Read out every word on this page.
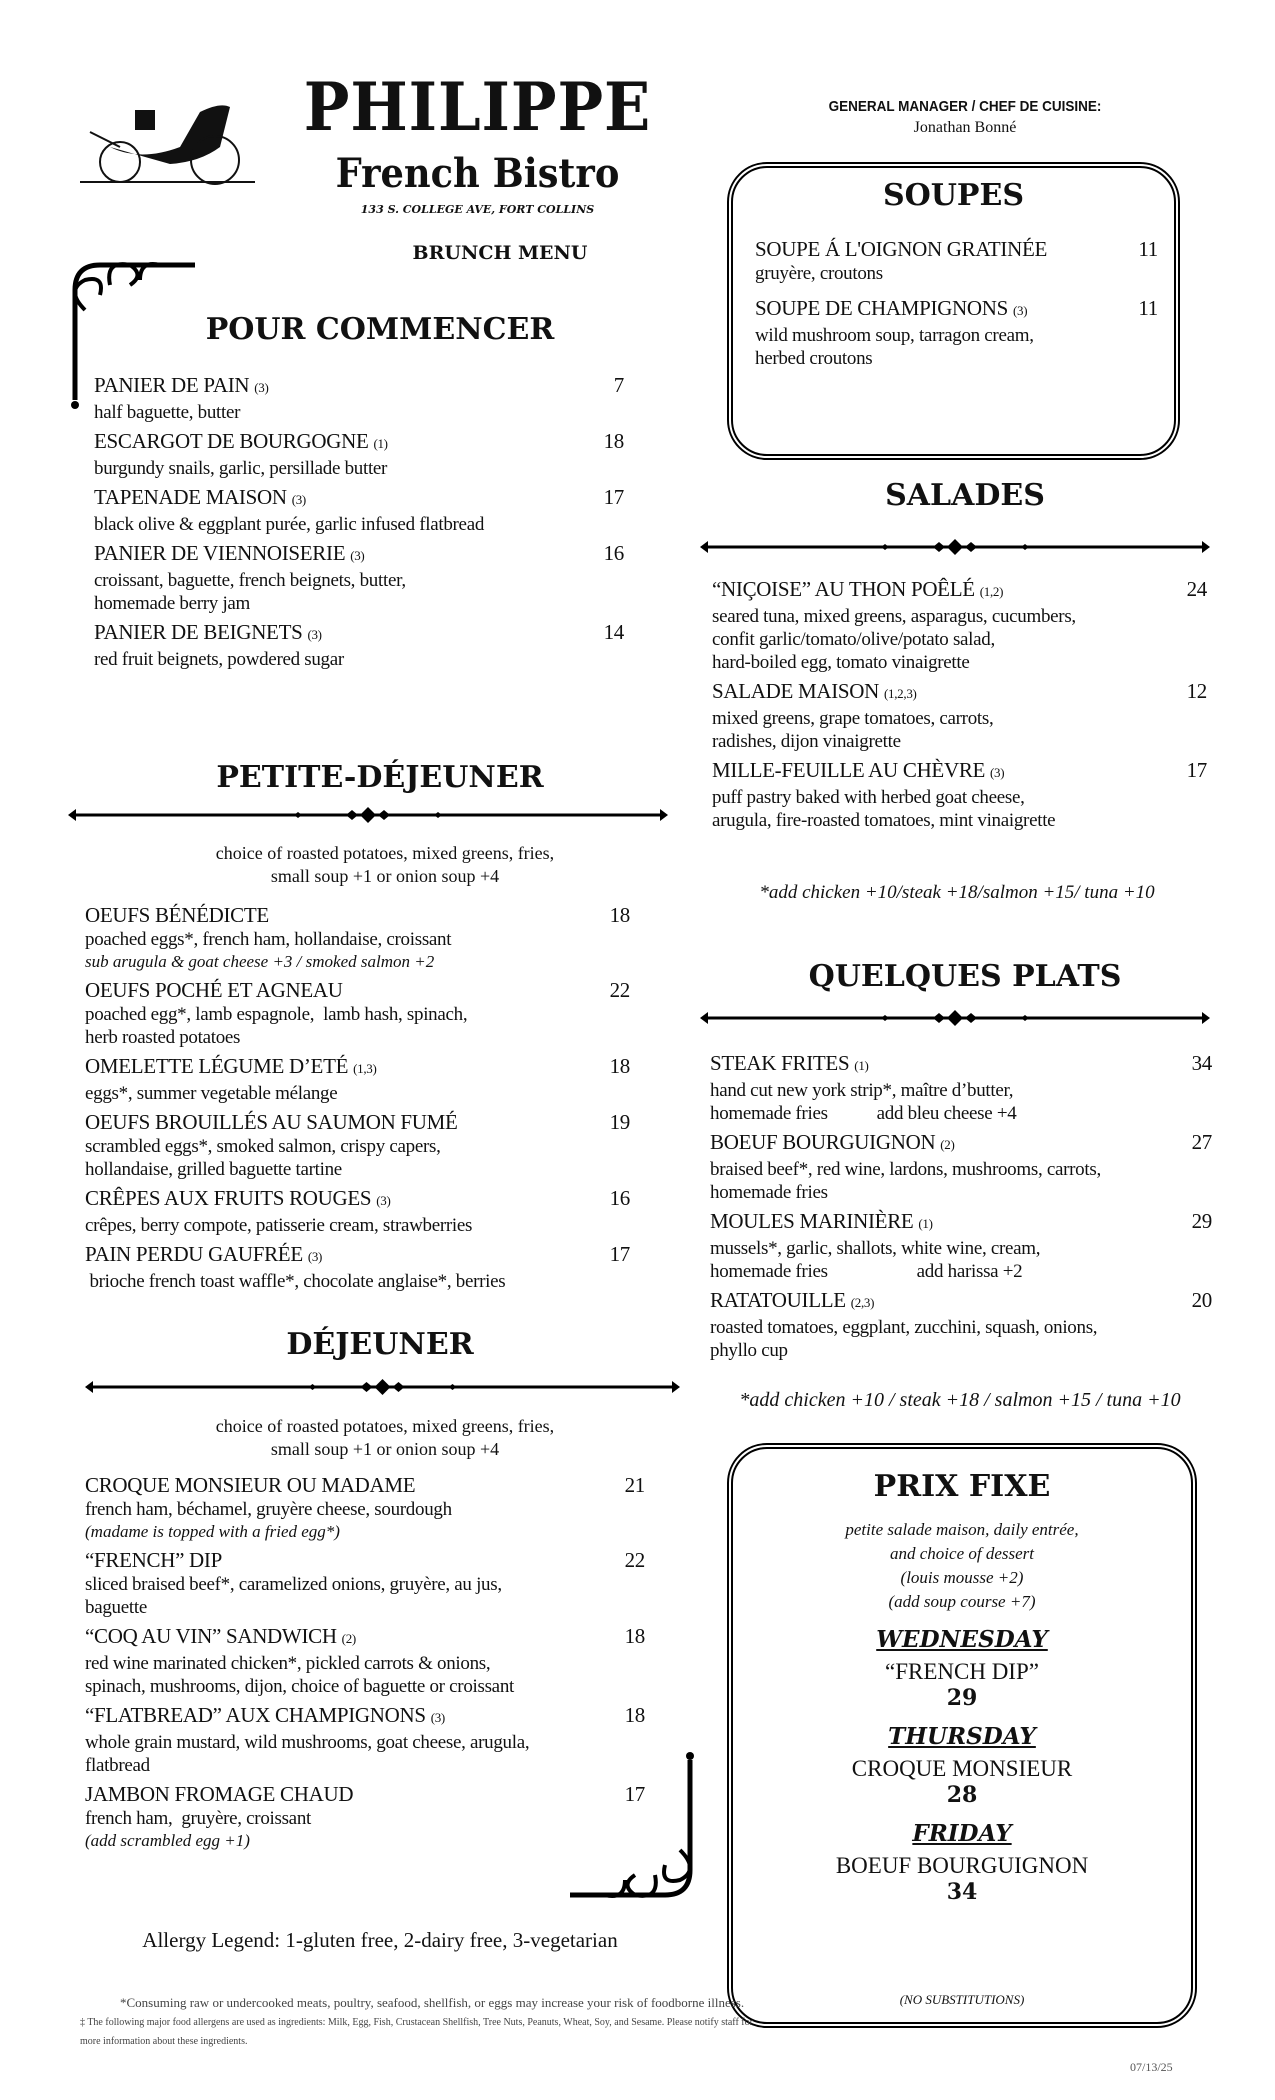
PHILIPPE
French Bistro
133 S. COLLEGE AVE, FORT COLLINS
BRUNCH MENU
GENERAL MANAGER / CHEF DE CUISINE:
Jonathan Bonné
POUR COMMENCER
PANIER DE PAIN (3)	7
half baguette, butter
ESCARGOT DE BOURGOGNE (1)	18
burgundy snails, garlic, persillade butter
TAPENADE MAISON (3)	17
black olive & eggplant purée, garlic infused flatbread
PANIER DE VIENNOISERIE (3)	16
croissant, baguette, french beignets, butter,
homemade berry jam
PANIER DE BEIGNETS (3)	14
red fruit beignets, powdered sugar
PETITE-DÉJEUNER
choice of roasted potatoes, mixed greens, fries,
small soup +1 or onion soup +4
OEUFS BÉNÉDICTE	18
poached eggs*, french ham, hollandaise, croissant
sub arugula & goat cheese +3 / smoked salmon +2
OEUFS POCHÉ ET AGNEAU	22
poached egg*, lamb espagnole,  lamb hash, spinach,
herb roasted potatoes
OMELETTE LÉGUME D’ETÉ (1,3)	18
eggs*, summer vegetable mélange
OEUFS BROUILLÉS AU SAUMON FUMÉ	19
scrambled eggs*, smoked salmon, crispy capers,
hollandaise, grilled baguette tartine
CRÊPES AUX FRUITS ROUGES (3)	16
crêpes, berry compote, patisserie cream, strawberries
PAIN PERDU GAUFRÉE (3)	17
brioche french toast waffle*, chocolate anglaise*, berries
DÉJEUNER
choice of roasted potatoes, mixed greens, fries,
small soup +1 or onion soup +4
CROQUE MONSIEUR OU MADAME	21
french ham, béchamel, gruyère cheese, sourdough
(madame is topped with a fried egg*)
“FRENCH” DIP	22
sliced braised beef*, caramelized onions, gruyère, au jus,
baguette
“COQ AU VIN” SANDWICH (2)	18
red wine marinated chicken*, pickled carrots & onions,
spinach, mushrooms, dijon, choice of baguette or croissant
“FLATBREAD” AUX CHAMPIGNONS (3)	18
whole grain mustard, wild mushrooms, goat cheese, arugula,
flatbread
JAMBON FROMAGE CHAUD	17
french ham,  gruyère, croissant
(add scrambled egg +1)
Allergy Legend: 1-gluten free, 2-dairy free, 3-vegetarian
SOUPES
SOUPE Á L'OIGNON GRATINÉE	11
gruyère, croutons
SOUPE DE CHAMPIGNONS (3)	11
wild mushroom soup, tarragon cream,
herbed croutons
SALADES
“NIÇOISE” AU THON POÊLÉ (1,2)	24
seared tuna, mixed greens, asparagus, cucumbers,
confit garlic/tomato/olive/potato salad,
hard-boiled egg, tomato vinaigrette
SALADE MAISON (1,2,3)	12
mixed greens, grape tomatoes, carrots,
radishes, dijon vinaigrette
MILLE-FEUILLE AU CHÈVRE (3)	17
puff pastry baked with herbed goat cheese,
arugula, fire-roasted tomatoes, mint vinaigrette
*add chicken +10/steak +18/salmon +15/ tuna +10
QUELQUES PLATS
STEAK FRITES (1)	34
hand cut new york strip*, maître d’butter,
homemade fries           add bleu cheese +4
BOEUF BOURGUIGNON (2)	27
braised beef*, red wine, lardons, mushrooms, carrots,
homemade fries
MOULES MARINIÈRE (1)	29
mussels*, garlic, shallots, white wine, cream,
homemade fries                    add harissa +2
RATATOUILLE (2,3)	20
roasted tomatoes, eggplant, zucchini, squash, onions,
phyllo cup
*add chicken +10 / steak +18 / salmon +15 / tuna +10
PRIX FIXE
petite salade maison, daily entrée,
and choice of dessert
(louis mousse +2)
(add soup course +7)
WEDNESDAY
“FRENCH DIP”
29
THURSDAY
CROQUE MONSIEUR
28
FRIDAY
BOEUF BOURGUIGNON
34
(NO SUBSTITUTIONS)
*Consuming raw or undercooked meats, poultry, seafood, shellfish, or eggs may increase your risk of foodborne illness.
‡ The following major food allergens are used as ingredients: Milk, Egg, Fish, Crustacean Shellfish, Tree Nuts, Peanuts, Wheat, Soy, and Sesame. Please notify staff for more information about these ingredients.
07/13/25
